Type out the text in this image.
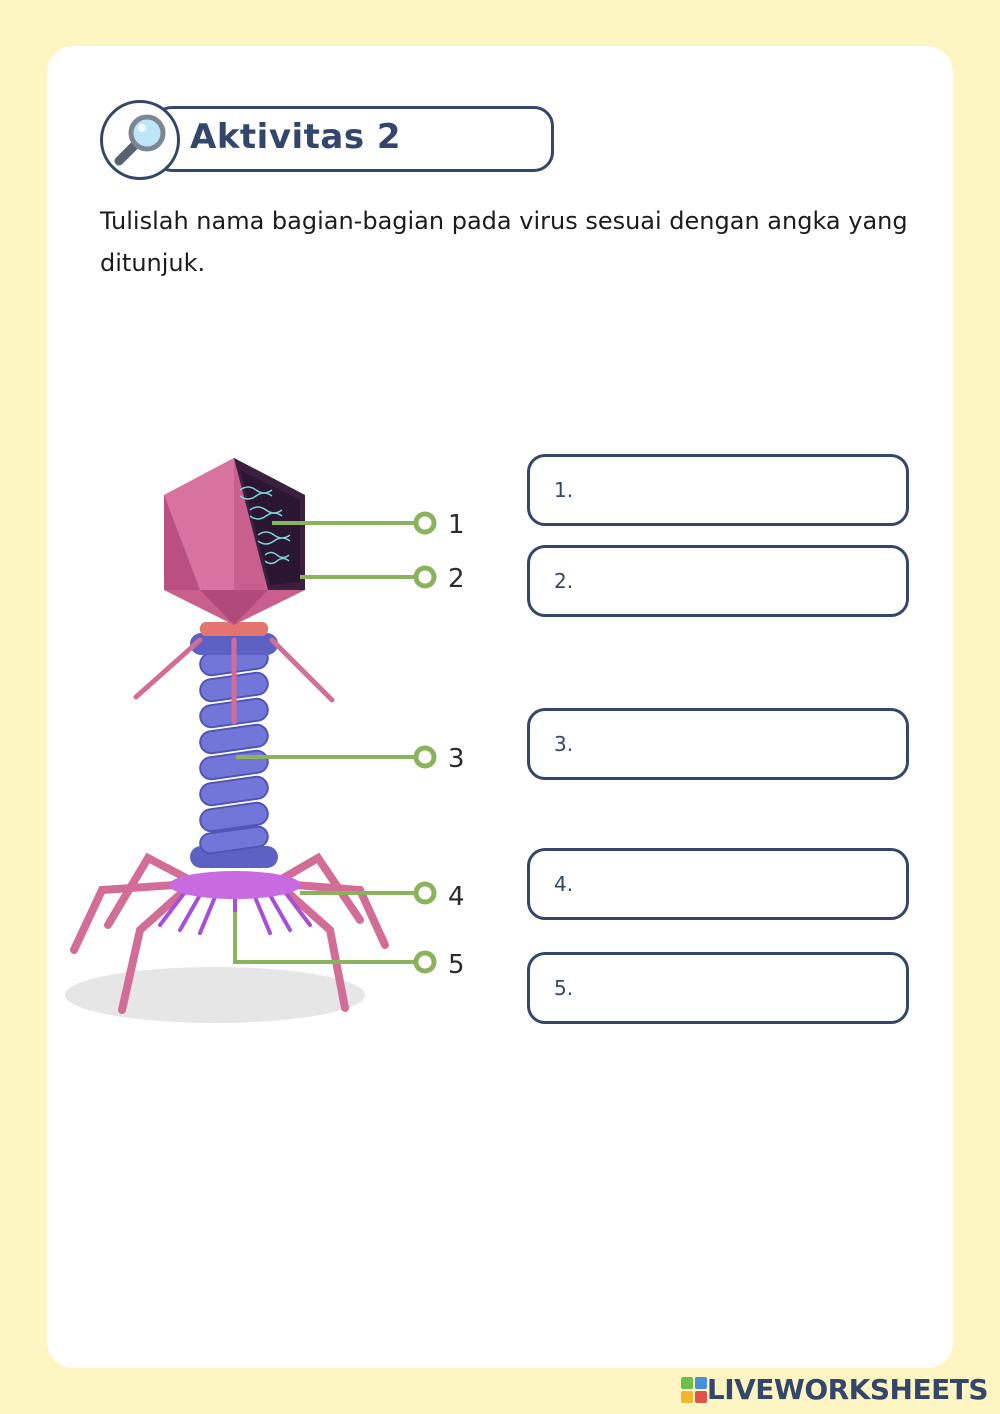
Aktivitas 2
Tulislah nama bagian-bagian pada virus sesuai dengan angka yang ditunjuk.
1
2
3
4
5
1.
2.
3.
4.
5.
LIVEWORKSHEETS
